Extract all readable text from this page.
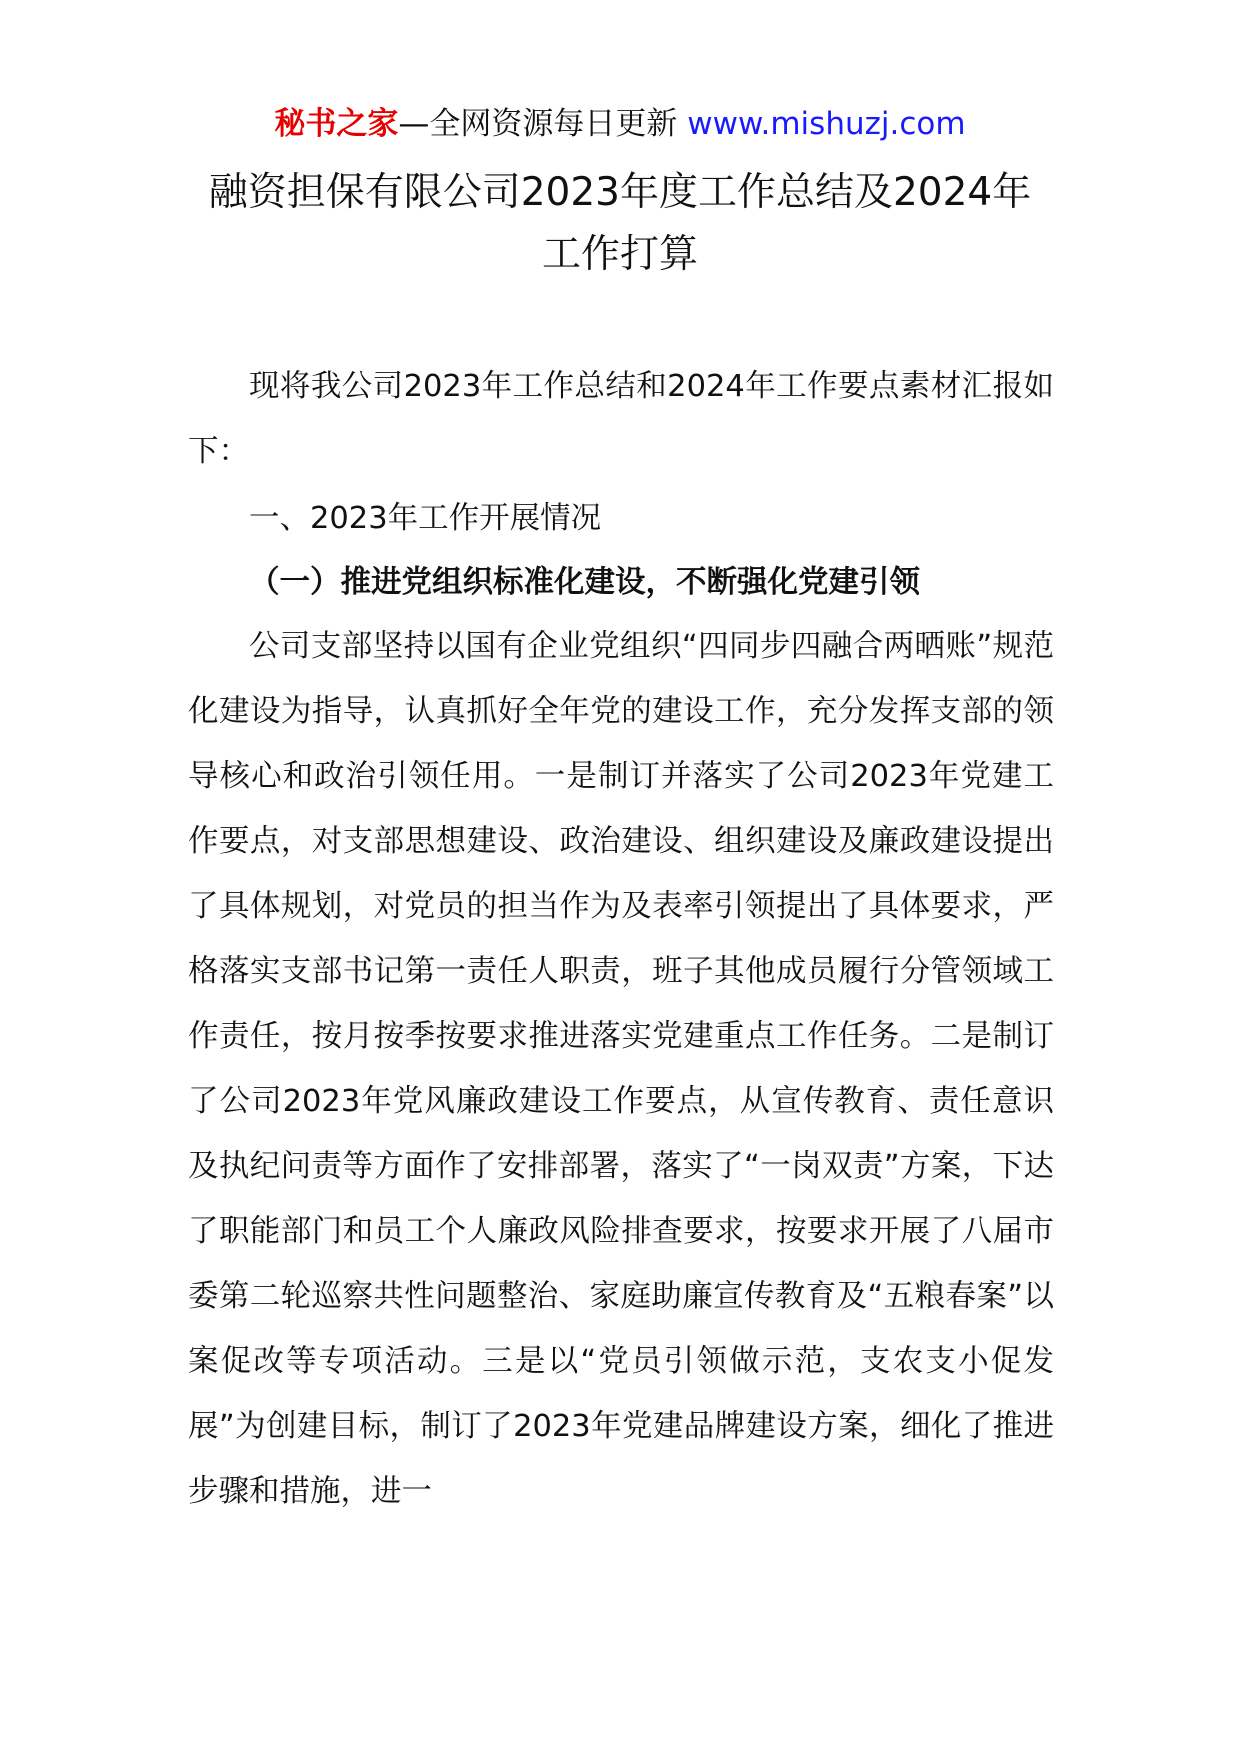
秘书之家—全网资源每日更新 www.mishuzj.com
融资担保有限公司2023年度工作总结及2024年工作打算

现将我公司2023年工作总结和2024年工作要点素材汇报如下：

一、2023年工作开展情况

（一）推进党组织标准化建设，不断强化党建引领

公司支部坚持以国有企业党组织“四同步四融合两晒账”规范化建设为指导，认真抓好全年党的建设工作，充分发挥支部的领导核心和政治引领任用。一是制订并落实了公司2023年党建工作要点，对支部思想建设、政治建设、组织建设及廉政建设提出了具体规划，对党员的担当作为及表率引领提出了具体要求，严格落实支部书记第一责任人职责，班子其他成员履行分管领域工作责任，按月按季按要求推进落实党建重点工作任务。二是制订了公司2023年党风廉政建设工作要点，从宣传教育、责任意识及执纪问责等方面作了安排部署，落实了“一岗双责”方案，下达了职能部门和员工个人廉政风险排查要求，按要求开展了八届市委第二轮巡察共性问题整治、家庭助廉宣传教育及“五粮春案”以案促改等专项活动。三是以“党员引领做示范，支农支小促发展”为创建目标，制订了2023年党建品牌建设方案，细化了推进步骤和措施，进一
